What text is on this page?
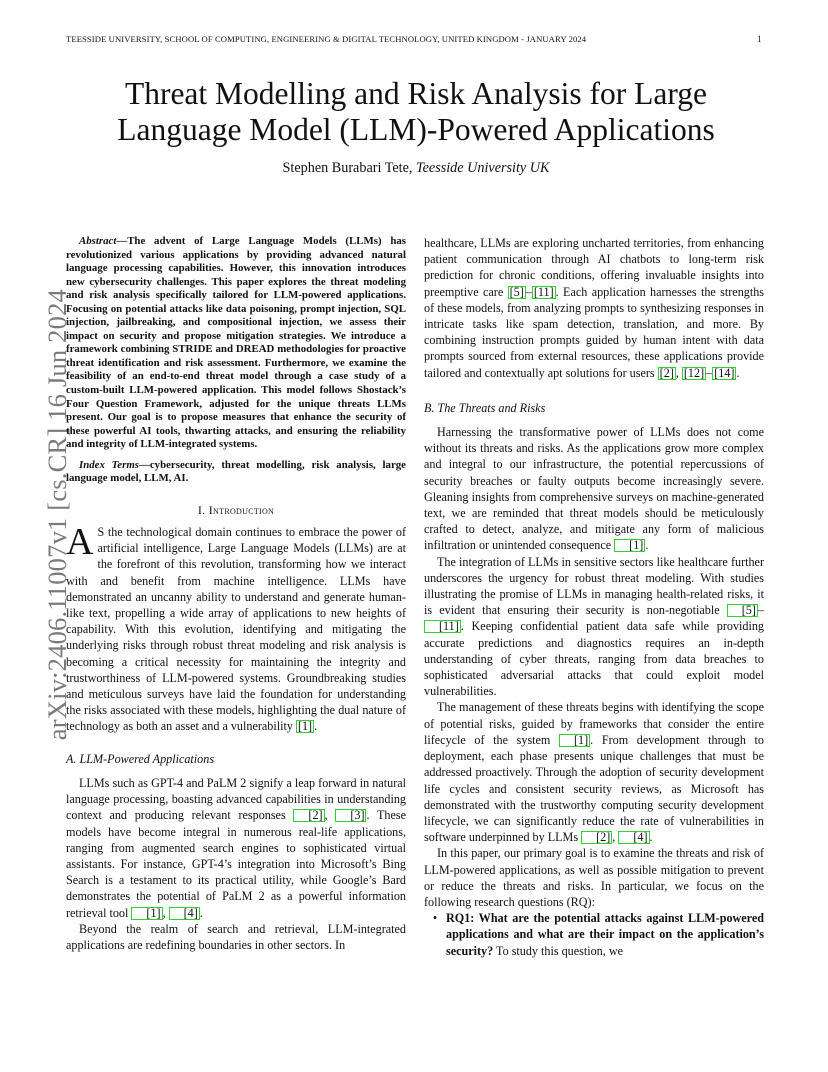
TEESSIDE UNIVERSITY, SCHOOL OF COMPUTING, ENGINEERING & DIGITAL TECHNOLOGY, UNITED KINGDOM - JANUARY 2024	1
arXiv:2406.11007v1 [cs.CR] 16 Jun 2024
Threat Modelling and Risk Analysis for Large
Language Model (LLM)-Powered Applications
Stephen Burabari Tete, Teesside University UK

Abstract—The advent of Large Language Models (LLMs) has revolutionized various applications by providing advanced natural language processing capabilities. However, this innovation introduces new cybersecurity challenges. This paper explores the threat modeling and risk analysis specifically tailored for LLM-powered applications. Focusing on potential attacks like data poisoning, prompt injection, SQL injection, jailbreaking, and compositional injection, we assess their impact on security and propose mitigation strategies. We introduce a framework combining STRIDE and DREAD methodologies for proactive threat identification and risk assessment. Furthermore, we examine the feasibility of an end-to-end threat model through a case study of a custom-built LLM-powered application. This model follows Shostack’s Four Question Framework, adjusted for the unique threats LLMs present. Our goal is to propose measures that enhance the security of these powerful AI tools, thwarting attacks, and ensuring the reliability and integrity of LLM-integrated systems.

Index Terms—cybersecurity, threat modelling, risk analysis, large language model, LLM, AI.

I. Introduction

A S the technological domain continues to embrace the power of artificial intelligence, Large Language Models (LLMs) are at the forefront of this revolution, transforming how we interact with and benefit from machine intelligence. LLMs have demonstrated an uncanny ability to understand and generate human-like text, propelling a wide array of applications to new heights of capability. With this evolution, identifying and mitigating the underlying risks through robust threat modeling and risk analysis is becoming a critical necessity for maintaining the integrity and trustworthiness of LLM-powered systems. Groundbreaking studies and meticulous surveys have laid the foundation for understanding the risks associated with these models, highlighting the dual nature of technology as both an asset and a vulnerability [1] .

A. LLM-Powered Applications

LLMs such as GPT-4 and PaLM 2 signify a leap forward in natural language processing, boasting advanced capabilities in understanding context and producing relevant responses [2] , [3] . These models have become integral in numerous real-life applications, ranging from augmented search engines to sophisticated virtual assistants. For instance, GPT-4’s integration into Microsoft’s Bing Search is a testament to its practical utility, while Google’s Bard demonstrates the potential of PaLM 2 as a powerful information retrieval tool [1] , [4] .

Beyond the realm of search and retrieval, LLM-integrated applications are redefining boundaries in other sectors. In

healthcare, LLMs are exploring uncharted territories, from enhancing patient communication through AI chatbots to long-term risk prediction for chronic conditions, offering invaluable insights into preemptive care [5] – [11] . Each application harnesses the strengths of these models, from analyzing prompts to synthesizing responses in intricate tasks like spam detection, translation, and more. By combining instruction prompts guided by human intent with data prompts sourced from external resources, these applications provide tailored and contextually apt solutions for users [2] , [12] – [14] .

B. The Threats and Risks

Harnessing the transformative power of LLMs does not come without its threats and risks. As the applications grow more complex and integral to our infrastructure, the potential repercussions of security breaches or faulty outputs become increasingly severe. Gleaning insights from comprehensive surveys on machine-generated text, we are reminded that threat models should be meticulously crafted to detect, analyze, and mitigate any form of malicious infiltration or unintended consequence [1] .

The integration of LLMs in sensitive sectors like healthcare further underscores the urgency for robust threat modeling. With studies illustrating the promise of LLMs in managing health-related risks, it is evident that ensuring their security is non-negotiable [5] –[11] . Keeping confidential patient data safe while providing accurate predictions and diagnostics requires an in-depth understanding of cyber threats, ranging from data breaches to sophisticated adversarial attacks that could exploit model vulnerabilities.

The management of these threats begins with identifying the scope of potential risks, guided by frameworks that consider the entire lifecycle of the system [1] . From development through to deployment, each phase presents unique challenges that must be addressed proactively. Through the adoption of security development life cycles and consistent security reviews, as Microsoft has demonstrated with the trustworthy computing security development lifecycle, we can significantly reduce the rate of vulnerabilities in software underpinned by LLMs [2] , [4] .

In this paper, our primary goal is to examine the threats and risk of LLM-powered applications, as well as possible mitigation to prevent or reduce the threats and risks. In particular, we focus on the following research questions (RQ):

• RQ1: What are the potential attacks against LLM-powered applications and what are their impact on the application’s security? To study this question, we
